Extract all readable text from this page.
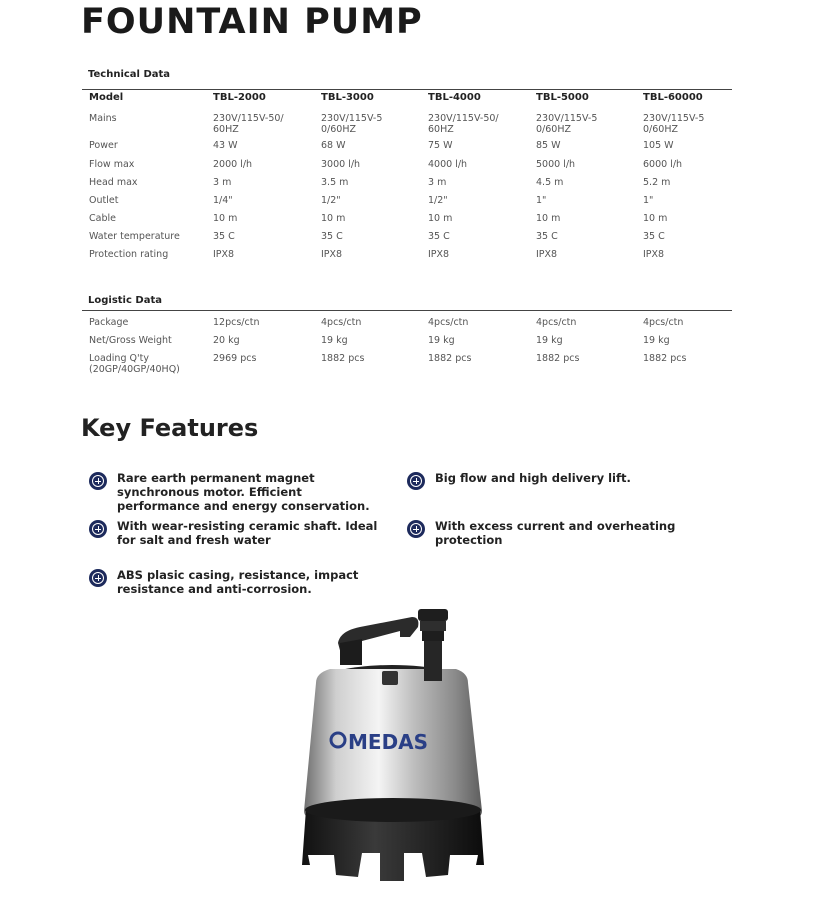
FOUNTAIN PUMP
Technical Data
Model	TBL-2000	TBL-3000	TBL-4000	TBL-5000	TBL-60000
Mains	230V/115V-50/60HZ	230V/115V-50/60HZ	230V/115V-50/60HZ	230V/115V-50/60HZ	230V/115V-50/60HZ
Power	43 W	68 W	75 W	85 W	105 W
Flow max	2000 l/h	3000 l/h	4000 l/h	5000 l/h	6000 l/h
Head max	3 m	3.5 m	3 m	4.5 m	5.2 m
Outlet	1/4"	1/2"	1/2"	1"	1"
Cable	10 m	10 m	10 m	10 m	10 m
Water temperature	35 C	35 C	35 C	35 C	35 C
Protection rating	IPX8	IPX8	IPX8	IPX8	IPX8
Logistic Data
Package	12pcs/ctn	4pcs/ctn	4pcs/ctn	4pcs/ctn	4pcs/ctn
Net/Gross Weight	20 kg	19 kg	19 kg	19 kg	19 kg
Loading Q'ty (20GP/40GP/40HQ)	2969 pcs	1882 pcs	1882 pcs	1882 pcs	1882 pcs
Key Features
Rare earth permanent magnet synchronous motor. Efficient performance and energy conservation.
Big flow and high delivery lift.
With wear-resisting ceramic shaft. Ideal for salt and fresh water
With excess current and overheating protection
ABS plasic casing, resistance, impact resistance and anti-corrosion.
MEDAS
